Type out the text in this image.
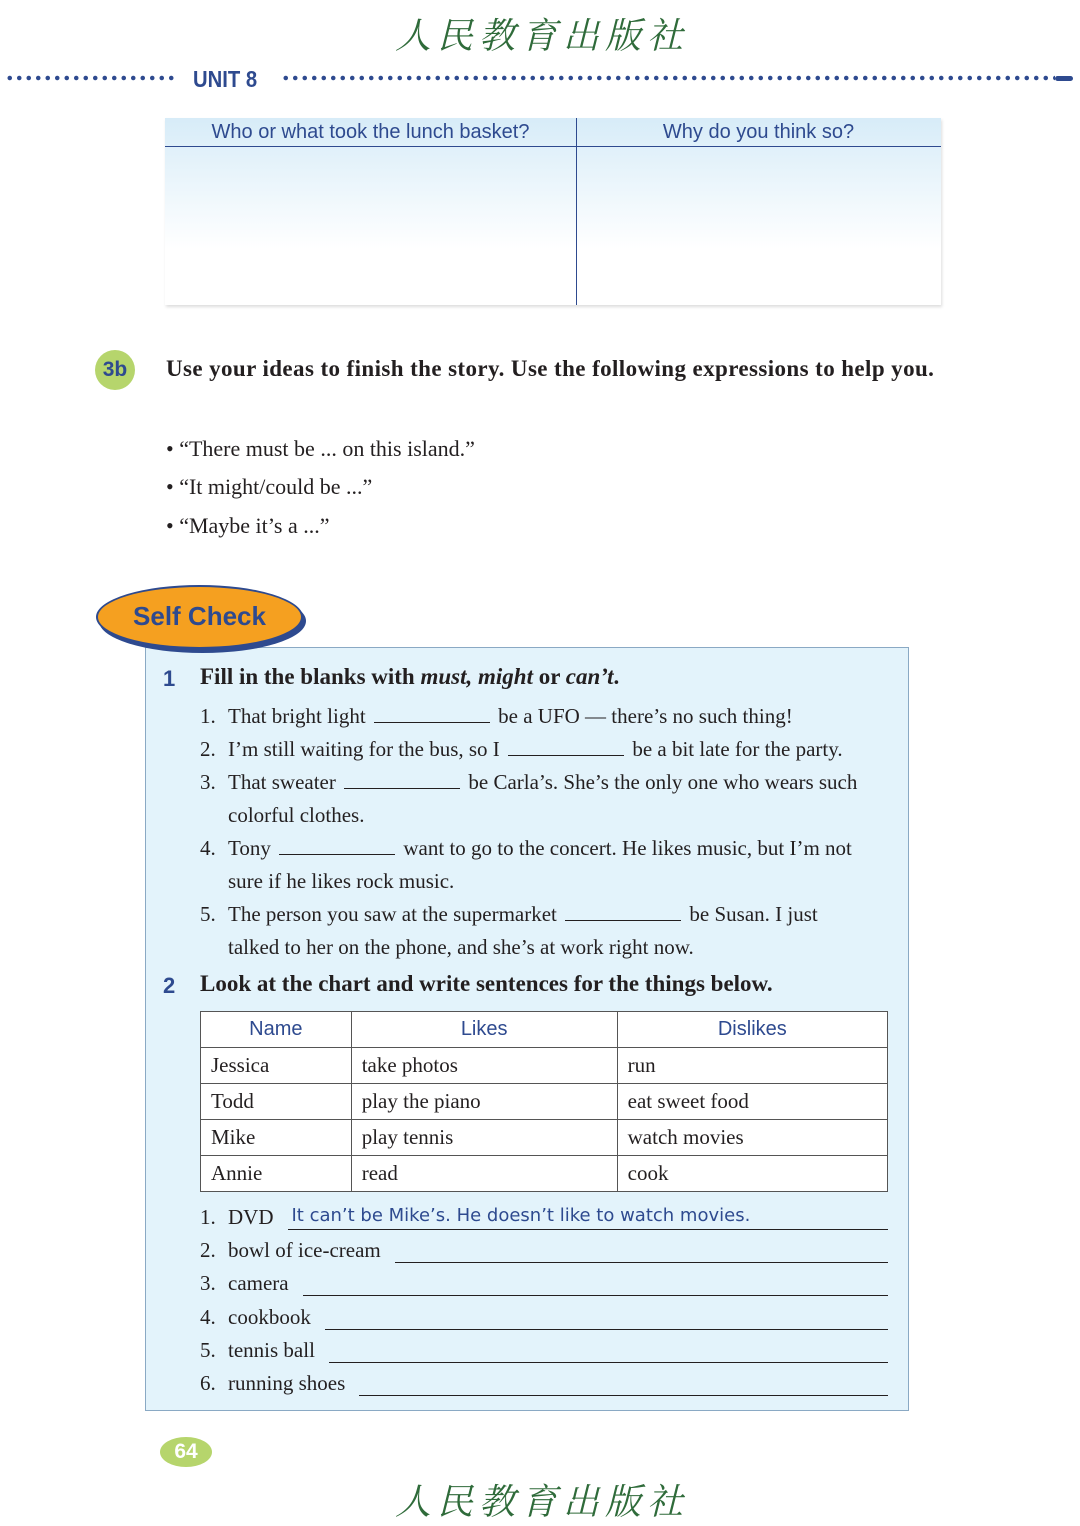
人民教育出版社
UNIT 8
Who or what took the lunch basket?	Why do you think so?
3b	Use your ideas to finish the story. Use the following expressions to help you.
• “There must be ... on this island.”
• “It might/could be ...”
• “Maybe it’s a ...”
Self Check
1 Fill in the blanks with must, might or can’t.
1. That bright light	be a UFO — there’s no such thing!
2. I’m still waiting for the bus, so I	be a bit late for the party.
3. That sweater	be Carla’s. She’s the only one who wears such
colorful clothes.
4. Tony	want to go to the concert. He likes music, but I’m not
sure if he likes rock music.
5. The person you saw at the supermarket	be Susan. I just
talked to her on the phone, and she’s at work right now.
2 Look at the chart and write sentences for the things below.
Name	Likes	Dislikes
Jessica	take photos	run
Todd	play the piano	eat sweet food
Mike	play tennis	watch movies
Annie	read	cook
1. DVD It can’t be Mike’s. He doesn’t like to watch movies.
2. bowl of ice-cream
3. camera
4. cookbook
5. tennis ball
6. running shoes
64
人民教育出版社
